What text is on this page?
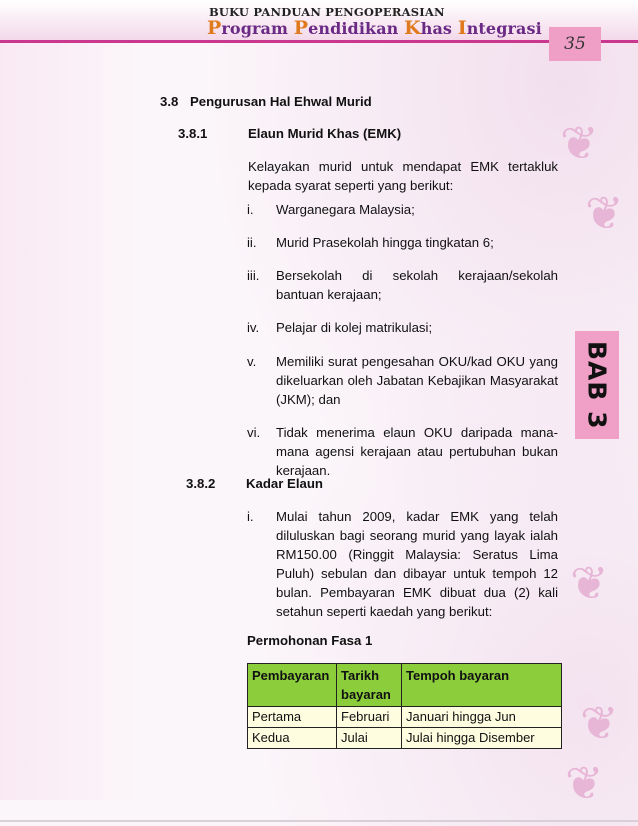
❦
❦
❦
❦
❦
BUKU PANDUAN PENGOPERASIAN
Program Pendidikan Khas Integrasi
35
BAB 3
3.8 Pengurusan Hal Ehwal Murid
3.8.1	Elaun Murid Khas (EMK)
Kelayakan murid untuk mendapat EMK tertakluk kepada syarat seperti yang berikut:
i. Warganegara Malaysia;
ii. Murid Prasekolah hingga tingkatan 6;
iii. Bersekolah di sekolah kerajaan/sekolah bantuan kerajaan;
iv. Pelajar di kolej matrikulasi;
v. Memiliki surat pengesahan OKU/kad OKU yang dikeluarkan oleh Jabatan Kebajikan Masyarakat (JKM); dan
vi. Tidak menerima elaun OKU daripada mana-mana agensi kerajaan atau pertubuhan bukan kerajaan.
3.8.2 Kadar Elaun
i. Mulai tahun 2009, kadar EMK yang telah diluluskan bagi seorang murid yang layak ialah RM150.00 (Ringgit Malaysia: Seratus Lima Puluh) sebulan dan dibayar untuk tempoh 12 bulan. Pembayaran EMK dibuat dua (2) kali setahun seperti kaedah yang berikut:
Permohonan Fasa 1
Pembayaran	Tarikh bayaran	Tempoh bayaran
Pertama	Februari	Januari hingga Jun
Kedua	Julai	Julai hingga Disember
